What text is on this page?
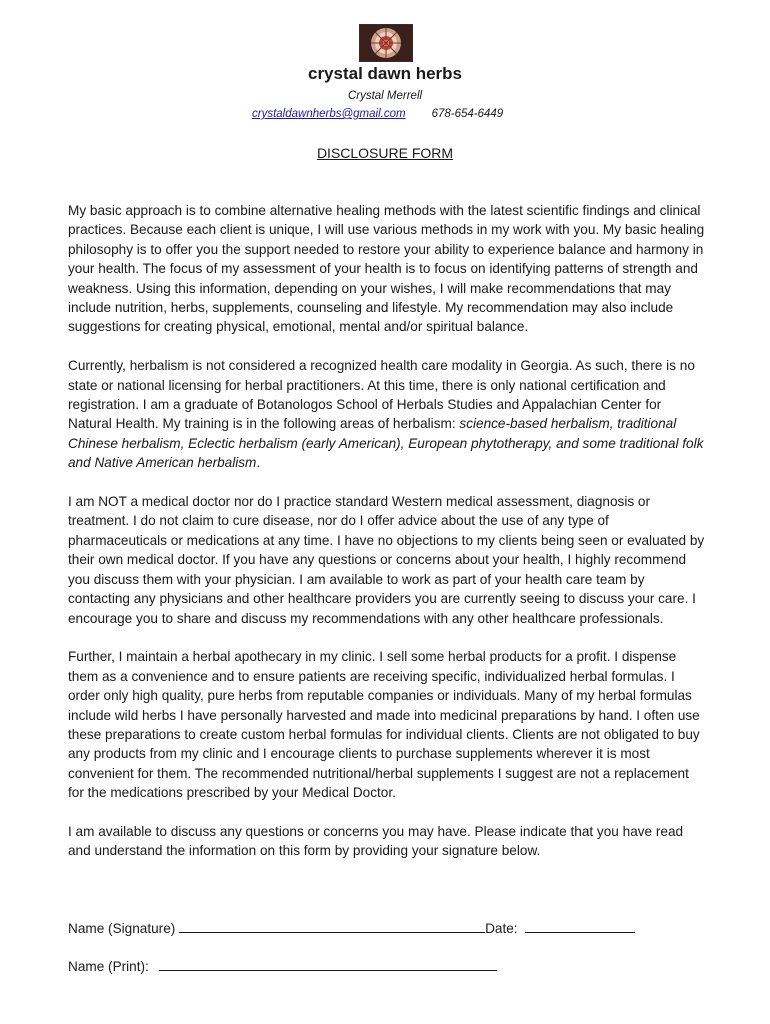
crystal dawn herbs
Crystal Merrell
crystaldawnherbs@gmail.com 678-654-6449
DISCLOSURE FORM

My basic approach is to combine alternative healing methods with the latest scientific findings and clinical practices. Because each client is unique, I will use various methods in my work with you. My basic healing philosophy is to offer you the support needed to restore your ability to experience balance and harmony in your health. The focus of my assessment of your health is to focus on identifying patterns of strength and weakness. Using this information, depending on your wishes, I will make recommendations that may include nutrition, herbs, supplements, counseling and lifestyle. My recommendation may also include suggestions for creating physical, emotional, mental and/or spiritual balance.

Currently, herbalism is not considered a recognized health care modality in Georgia. As such, there is no state or national licensing for herbal practitioners. At this time, there is only national certification and registration. I am a graduate of Botanologos School of Herbals Studies and Appalachian Center for Natural Health. My training is in the following areas of herbalism: science-based herbalism, traditional Chinese herbalism, Eclectic herbalism (early American), European phytotherapy, and some traditional folk and Native American herbalism.

I am NOT a medical doctor nor do I practice standard Western medical assessment, diagnosis or treatment. I do not claim to cure disease, nor do I offer advice about the use of any type of pharmaceuticals or medications at any time. I have no objections to my clients being seen or evaluated by their own medical doctor. If you have any questions or concerns about your health, I highly recommend you discuss them with your physician. I am available to work as part of your health care team by contacting any physicians and other healthcare providers you are currently seeing to discuss your care. I encourage you to share and discuss my recommendations with any other healthcare professionals.

Further, I maintain a herbal apothecary in my clinic. I sell some herbal products for a profit. I dispense them as a convenience and to ensure patients are receiving specific, individualized herbal formulas. I order only high quality, pure herbs from reputable companies or individuals. Many of my herbal formulas include wild herbs I have personally harvested and made into medicinal preparations by hand. I often use these preparations to create custom herbal formulas for individual clients. Clients are not obligated to buy any products from my clinic and I encourage clients to purchase supplements wherever it is most convenient for them. The recommended nutritional/herbal supplements I suggest are not a replacement for the medications prescribed by your Medical Doctor.

I am available to discuss any questions or concerns you may have. Please indicate that you have read and understand the information on this form by providing your signature below.

Name (Signature)	Date:
Name (Print):
